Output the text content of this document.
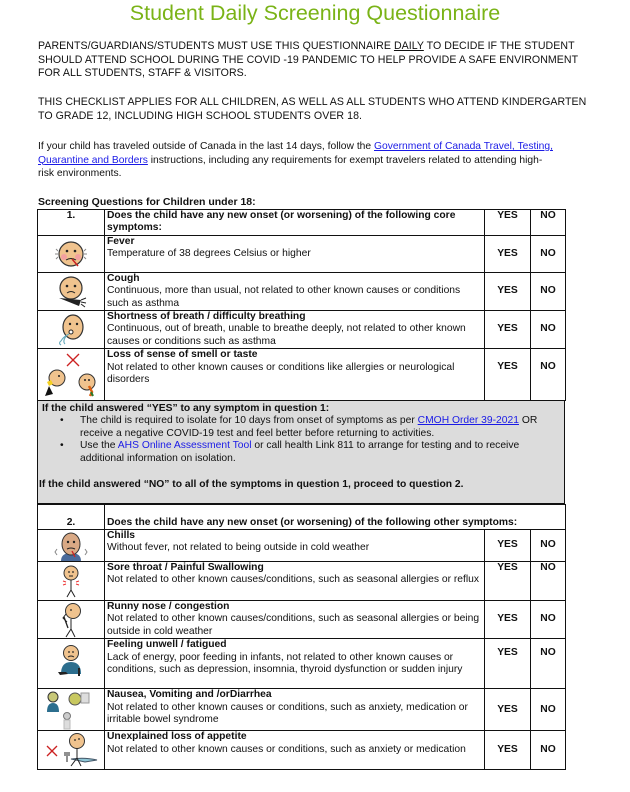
Student Daily Screening Questionnaire
PARENTS/GUARDIANS/STUDENTS MUST USE THIS QUESTIONNAIRE DAILY TO DECIDE IF THE STUDENT SHOULD ATTEND SCHOOL DURING THE COVID -19 PANDEMIC TO HELP PROVIDE A SAFE ENVIRONMENT FOR ALL STUDENTS, STAFF & VISITORS.
THIS CHECKLIST APPLIES FOR ALL CHILDREN, AS WELL AS ALL STUDENTS WHO ATTEND KINDERGARTEN TO GRADE 12, INCLUDING HIGH SCHOOL STUDENTS OVER 18.
If your child has traveled outside of Canada in the last 14 days, follow the Government of Canada Travel, Testing, Quarantine and Borders instructions, including any requirements for exempt travelers related to attending high-risk environments.
Screening Questions for Children under 18:
1.	Does the child have any new onset (or worsening) of the following core symptoms:	YES	NO

Fever
Temperature of 38 degrees Celsius or higher	YES	NO

Cough
Continuous, more than usual, not related to other known causes or conditions such as asthma	YES	NO

Shortness of breath / difficulty breathing
Continuous, out of breath, unable to breathe deeply, not related to other known causes or conditions such as asthma	YES	NO

Loss of sense of smell or taste
Not related to other known causes or conditions like allergies or neurological disorders	YES	NO
If the child answered “YES” to any symptom in question 1:
• The child is required to isolate for 10 days from onset of symptoms as per CMOH Order 39-2021 OR receive a negative COVID-19 test and feel better before returning to activities.
• Use the AHS Online Assessment Tool or call health Link 811 to arrange for testing and to receive additional information on isolation.
If the child answered “NO” to all of the symptoms in question 1, proceed to question 2.
2.	Does the child have any new onset (or worsening) of the following other symptoms:		

Chills
Without fever, not related to being outside in cold weather	YES	NO

Sore throat / Painful Swallowing
Not related to other known causes/conditions, such as seasonal allergies or reflux	YES	NO

Runny nose / congestion
Not related to other known causes/conditions, such as seasonal allergies or being outside in cold weather	YES	NO

Feeling unwell / fatigued
Lack of energy, poor feeding in infants, not related to other known causes or conditions, such as depression, insomnia, thyroid dysfunction or sudden injury	YES	NO

Nausea, Vomiting and /orDiarrhea
Not related to other known causes or conditions, such as anxiety, medication or irritable bowel syndrome	YES	NO

Unexplained loss of appetite
Not related to other known causes or conditions, such as anxiety or medication	YES	NO
